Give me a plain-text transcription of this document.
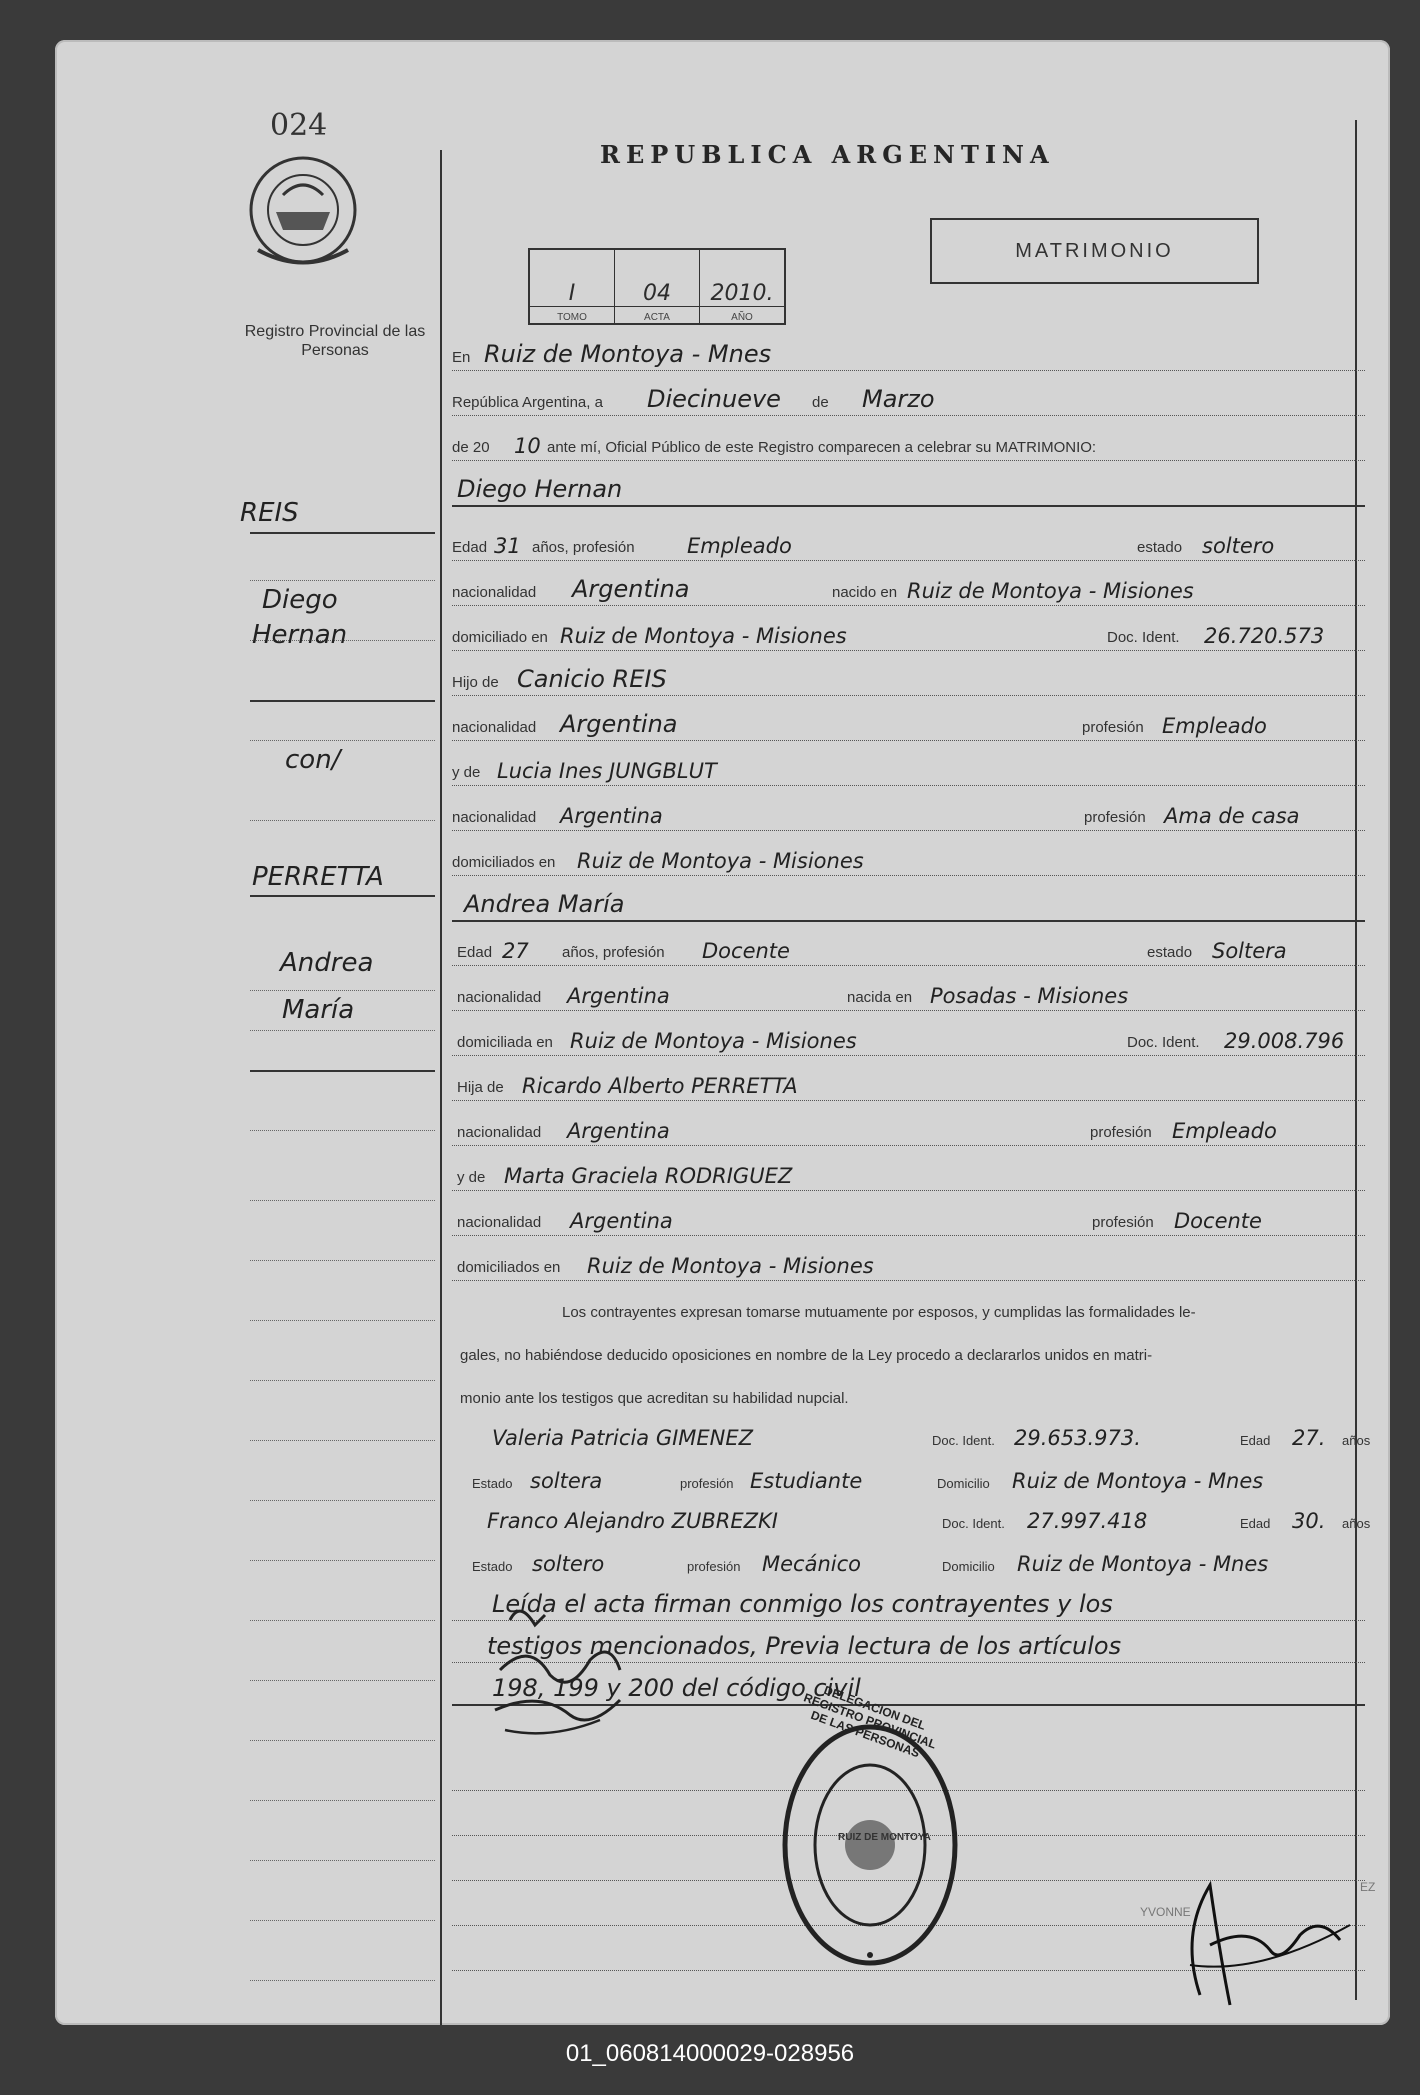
024
Registro Provincial de las Personas
REPUBLICA ARGENTINA
MATRIMONIO
I	04	2010.
TOMO	ACTA	AÑO
En Ruiz de Montoya - Mnes
República Argentina, a Diecinueve de Marzo
de 20 10 ante mí, Oficial Público de este Registro comparecen a celebrar su MATRIMONIO:
Diego Hernan
Edad 31 años, profesión Empleado	estado soltero
nacionalidad Argentina	nacido en Ruiz de Montoya - Misiones
domiciliado en Ruiz de Montoya - Misiones	Doc. Ident. 26.720.573
Hijo de Canicio REIS
nacionalidad Argentina	profesión Empleado
y de Lucia Ines JUNGBLUT
nacionalidad Argentina	profesión Ama de casa
domiciliados en Ruiz de Montoya - Misiones
Andrea María
Edad 27 años, profesión Docente	estado Soltera
nacionalidad Argentina	nacida en Posadas - Misiones
domiciliada en Ruiz de Montoya - Misiones	Doc. Ident. 29.008.796
Hija de Ricardo Alberto PERRETTA
nacionalidad Argentina	profesión Empleado
y de Marta Graciela RODRIGUEZ
nacionalidad Argentina	profesión Docente
domiciliados en Ruiz de Montoya - Misiones
Los contrayentes expresan tomarse mutuamente por esposos, y cumplidas las formalidades le-
gales, no habiéndose deducido oposiciones en nombre de la Ley procedo a declararlos unidos en matri-
monio ante los testigos que acreditan su habilidad nupcial.
Valeria Patricia GIMENEZ	Doc. Ident. 29.653.973.	Edad 27. años
Estado soltera	profesión Estudiante	Domicilio Ruiz de Montoya - Mnes
Franco Alejandro ZUBREZKI	Doc. Ident. 27.997.418	Edad 30. años
Estado soltero	profesión Mecánico	Domicilio Ruiz de Montoya - Mnes
Leída el acta firman conmigo los contrayentes y los
testigos mencionados, Previa lectura de los artículos
198, 199 y 200 del código civil
REIS
Diego
Hernan
con/
PERRETTA
Andrea
María
DELEGACION DEL REGISTRO PROVINCIAL DE LAS PERSONAS
RUIZ DE MONTOYA
YVONNE
EZ
01_060814000029-028956
